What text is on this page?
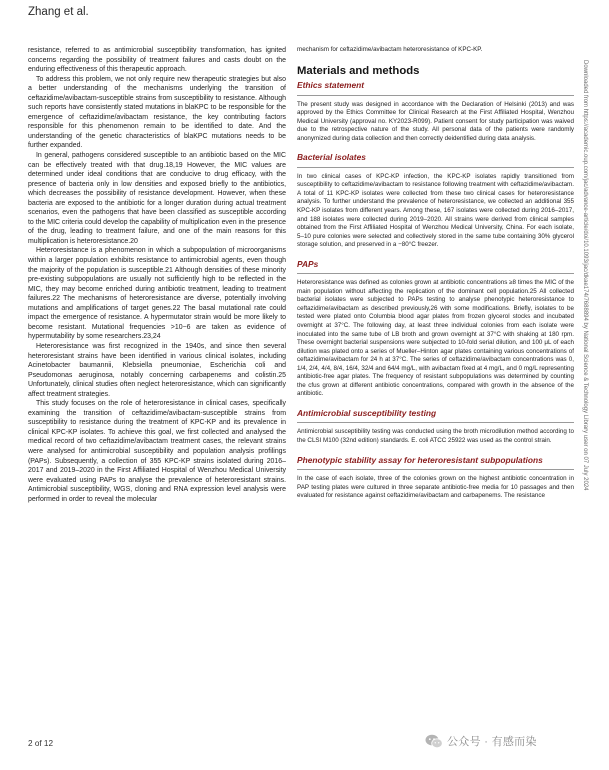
Zhang et al.

resistance, referred to as antimicrobial susceptibility transformation, has ignited concerns regarding the possibility of treatment failures and casts doubt on the enduring effectiveness of this therapeutic approach.

To address this problem, we not only require new therapeutic strategies but also a better understanding of the mechanisms underlying the transition of ceftazidime/avibactam-susceptible strains from susceptibility to resistance. Although such reports have consistently stated mutations in blaKPC to be responsible for the emergence of ceftazidime/avibactam resistance, the key contributing factors responsible for this phenomenon remain to be identified to date. And the understanding of the genetic characteristics of blaKPC mutations needs to be further expanded.

In general, pathogens considered susceptible to an antibiotic based on the MIC can be effectively treated with that drug.18,19 However, the MIC values are determined under ideal conditions that are conducive to drug efficacy, with the presence of bacteria only in low densities and exposed briefly to the antibiotics, which decreases the possibility of resistance development. However, when these bacteria are exposed to the antibiotic for a longer duration during actual treatment scenarios, even the pathogens that have been classified as susceptible according to the MIC criteria could develop the capability of multiplication even in the presence of the drug, leading to treatment failure, and one of the main reasons for this multiplication is heteroresistance.20

Heteroresistance is a phenomenon in which a subpopulation of microorganisms within a larger population exhibits resistance to antimicrobial agents, even though the majority of the population is susceptible.21 Although densities of these minority pre-existing subpopulations are usually not sufficiently high to be reflected in the MIC, they may become enriched during antibiotic treatment, leading to treatment failures.22 The mechanisms of heteroresistance are diverse, potentially involving mutations and amplifications of target genes.22 The basal mutational rate could impact the emergence of resistance. A hypermutator strain would be more likely to become resistant. Mutational frequencies >10−6 are taken as evidence of hypermutability by some researchers.23,24

Heteroresistance was first recognized in the 1940s, and since then several heteroresistant strains have been identified in various clinical isolates, including Acinetobacter baumannii, Klebsiella pneumoniae, Escherichia coli and Pseudomonas aeruginosa, notably concerning carbapenems and colistin.25 Unfortunately, clinical studies often neglect heteroresistance, which can significantly affect treatment strategies.

This study focuses on the role of heteroresistance in clinical cases, specifically examining the transition of ceftazidime/avibactam-susceptible strains from susceptibility to resistance during the treatment of KPC-KP and its prevalence in clinical KPC-KP isolates. To achieve this goal, we first collected and analysed the medical record of two ceftazidime/avibactam treatment cases, the relevant strains were analysed for antimicrobial susceptibility and population analysis profilings (PAPs). Subsequently, a collection of 355 KPC-KP strains isolated during 2016–2017 and 2019–2020 in the First Affiliated Hospital of Wenzhou Medical University were evaluated using PAPs to analyse the prevalence of heteroresistant strains. Antimicrobial susceptibility, WGS, cloning and RNA expression level analysis were performed in order to reveal the molecular

mechanism for ceftazidime/avibactam heteroresistance of KPC-KP.

Materials and methods
Ethics statement

The present study was designed in accordance with the Declaration of Helsinki (2013) and was approved by the Ethics Committee for Clinical Research at the First Affiliated Hospital, Wenzhou Medical University (approval no. KY2023-R099). Patient consent for study participation was waived due to the retrospective nature of the study. All personal data of the patients were randomly anonymized during data collection and then correctly deidentified during data analysis.

Bacterial isolates

In two clinical cases of KPC-KP infection, the KPC-KP isolates rapidly transitioned from susceptibility to ceftazidime/avibactam to resistance following treatment with ceftazidime/avibactam. A total of 11 KPC-KP isolates were collected from these two clinical cases for heteroresistance analysis. To further understand the prevalence of heteroresistance, we collected an additional 355 KPC-KP isolates from different years. Among these, 167 isolates were collected during 2016–2017, and 188 isolates were collected during 2019–2020. All strains were derived from clinical samples obtained from the First Affiliated Hospital of Wenzhou Medical University, China. For each isolate, 5–10 pure colonies were selected and collectively stored in the same tube containing 30% glycerol storage solution, and preserved in a −80°C freezer.

PAPs

Heteroresistance was defined as colonies grown at antibiotic concentrations ≥8 times the MIC of the main population without affecting the replication of the dominant cell population.25 All collected bacterial isolates were subjected to PAPs testing to analyse phenotypic heteroresistance to ceftazidime/avibactam as described previously,26 with some modifications. Briefly, isolates to be tested were plated onto Columbia blood agar plates from frozen glycerol stocks and incubated overnight at 37°C. The following day, at least three individual colonies from each isolate were inoculated into the same tube of LB broth and grown overnight at 37°C with shaking at 180 rpm. These overnight bacterial suspensions were subjected to 10-fold serial dilution, and 100 μL of each dilution was plated onto a series of Mueller–Hinton agar plates containing various concentrations of ceftazidime/avibactam for 24 h at 37°C. The series of ceftazidime/avibactam concentrations was 0, 1/4, 2/4, 4/4, 8/4, 16/4, 32/4 and 64/4 mg/L, with avibactam fixed at 4 mg/L, and 0 mg/L representing antibiotic-free agar plates. The frequency of resistant subpopulations was determined by counting the cfus grown at different antibiotic concentrations, compared with growth in the absence of the antibiotic.

Antimicrobial susceptibility testing

Antimicrobial susceptibility testing was conducted using the broth microdilution method according to the CLSI M100 (32nd edition) standards. E. coli ATCC 25922 was used as the control strain.

Phenotypic stability assay for heteroresistant subpopulations

In the case of each isolate, three of the colonies grown on the highest antibiotic concentration in PAP testing plates were cultured in three separate antibiotic-free media for 10 passages and then evaluated for resistance against ceftazidime/avibactam and carbapenems. The resistance

Downloaded from https://academic.oup.com/jac/advance-article/doi/10.1093/jac/dkae174/7688894 by National Science & Technology Library user on 07 July 2024
2 of 12	公众号 · 有感而染
